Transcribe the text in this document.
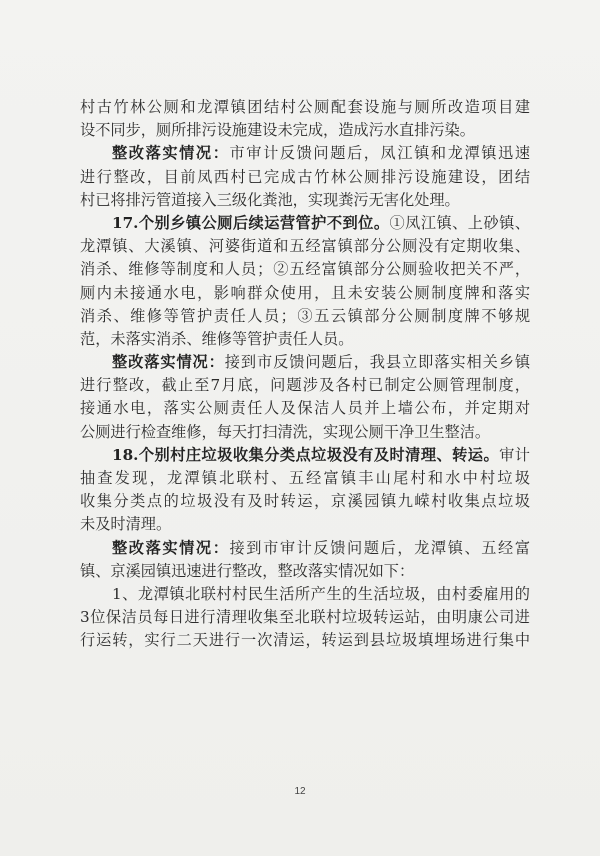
村古竹林公厕和龙潭镇团结村公厕配套设施与厕所改造项目建
设不同步，厕所排污设施建设未完成，造成污水直排污染。
整改落实情况：市审计反馈问题后，凤江镇和龙潭镇迅速
进行整改，目前凤西村已完成古竹林公厕排污设施建设，团结
村已将排污管道接入三级化粪池，实现粪污无害化处理。
17.个别乡镇公厕后续运营管护不到位。①凤江镇、上砂镇、
龙潭镇、大溪镇、河婆街道和五经富镇部分公厕没有定期收集、
消杀、维修等制度和人员；②五经富镇部分公厕验收把关不严，
厕内未接通水电，影响群众使用，且未安装公厕制度牌和落实
消杀、维修等管护责任人员；③五云镇部分公厕制度牌不够规
范，未落实消杀、维修等管护责任人员。
整改落实情况：接到市反馈问题后，我县立即落实相关乡镇
进行整改，截止至7月底，问题涉及各村已制定公厕管理制度，
接通水电，落实公厕责任人及保洁人员并上墙公布，并定期对
公厕进行检查维修，每天打扫清洗，实现公厕干净卫生整洁。
18.个别村庄垃圾收集分类点垃圾没有及时清理、转运。审计
抽查发现，龙潭镇北联村、五经富镇丰山尾村和水中村垃圾
收集分类点的垃圾没有及时转运，京溪园镇九嵘村收集点垃圾
未及时清理。
整改落实情况：接到市审计反馈问题后，龙潭镇、五经富
镇、京溪园镇迅速进行整改，整改落实情况如下：
1、龙潭镇北联村村民生活所产生的生活垃圾，由村委雇用的
3位保洁员每日进行清理收集至北联村垃圾转运站，由明康公司进
行运转，实行二天进行一次清运，转运到县垃圾填埋场进行集中
12
